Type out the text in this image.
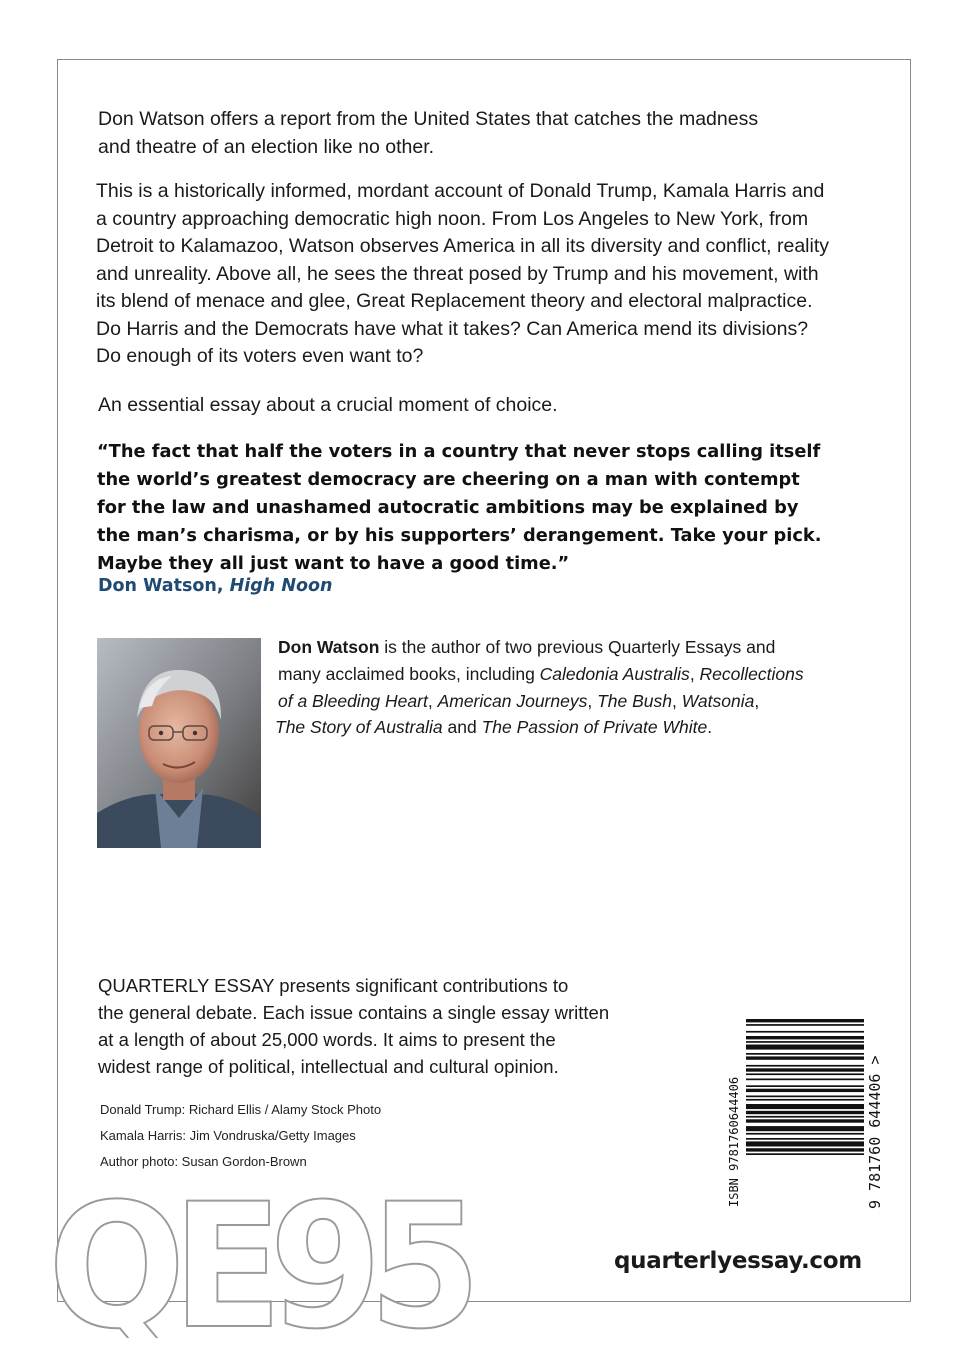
Don Watson offers a report from the United States that catches the madness
and theatre of an election like no other.

This is a historically informed, mordant account of Donald Trump, Kamala Harris and
a country approaching democratic high noon. From Los Angeles to New York, from
Detroit to Kalamazoo, Watson observes America in all its diversity and conflict, reality
and unreality. Above all, he sees the threat posed by Trump and his movement, with
its blend of menace and glee, Great Replacement theory and electoral malpractice.
Do Harris and the Democrats have what it takes? Can America mend its divisions?
Do enough of its voters even want to?

An essential essay about a crucial moment of choice.

“The fact that half the voters in a country that never stops calling itself
the world’s greatest democracy are cheering on a man with contempt
for the law and unashamed autocratic ambitions may be explained by
the man’s charisma, or by his supporters’ derangement. Take your pick.
Maybe they all just want to have a good time.”

Don Watson, High Noon

Don Watson is the author of two previous Quarterly Essays and
many acclaimed books, including Caledonia Australis, Recollections
of a Bleeding Heart, American Journeys, The Bush, Watsonia,
The Story of Australia and The Passion of Private White.

QUARTERLY ESSAY presents significant contributions to
the general debate. Each issue contains a single essay written
at a length of about 25,000 words. It aims to present the
widest range of political, intellectual and cultural opinion.

Donald Trump: Richard Ellis / Alamy Stock Photo

Kamala Harris: Jim Vondruska/Getty Images

Author photo: Susan Gordon-Brown	ISBN 9781760644406	9 781760 644406 >

quarterlyessay.com

QE95
